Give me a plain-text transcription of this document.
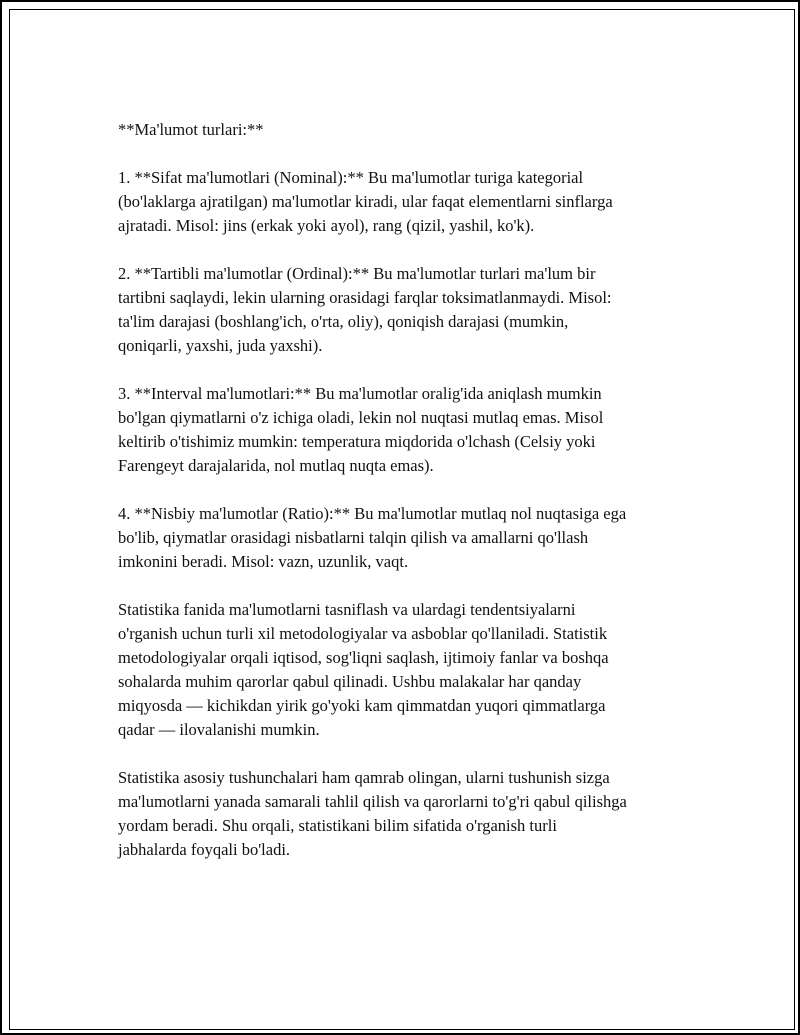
**Ma'lumot turlari:**

1. **Sifat ma'lumotlari (Nominal):** Bu ma'lumotlar turiga kategorial
(bo'laklarga ajratilgan) ma'lumotlar kiradi, ular faqat elementlarni sinflarga
ajratadi. Misol: jins (erkak yoki ayol), rang (qizil, yashil, ko'k).

2. **Tartibli ma'lumotlar (Ordinal):** Bu ma'lumotlar turlari ma'lum bir
tartibni saqlaydi, lekin ularning orasidagi farqlar toksimatlanmaydi. Misol:
ta'lim darajasi (boshlang'ich, o'rta, oliy), qoniqish darajasi (mumkin,
qoniqarli, yaxshi, juda yaxshi).

3. **Interval ma'lumotlari:** Bu ma'lumotlar oralig'ida aniqlash mumkin
bo'lgan qiymatlarni o'z ichiga oladi, lekin nol nuqtasi mutlaq emas. Misol
keltirib o'tishimiz mumkin: temperatura miqdorida o'lchash (Celsiy yoki
Farengeyt darajalarida, nol mutlaq nuqta emas).

4. **Nisbiy ma'lumotlar (Ratio):** Bu ma'lumotlar mutlaq nol nuqtasiga ega
bo'lib, qiymatlar orasidagi nisbatlarni talqin qilish va amallarni qo'llash
imkonini beradi. Misol: vazn, uzunlik, vaqt.

Statistika fanida ma'lumotlarni tasniflash va ulardagi tendentsiyalarni
o'rganish uchun turli xil metodologiyalar va asboblar qo'llaniladi. Statistik
metodologiyalar orqali iqtisod, sog'liqni saqlash, ijtimoiy fanlar va boshqa
sohalarda muhim qarorlar qabul qilinadi. Ushbu malakalar har qanday
miqyosda — kichikdan yirik go'yoki kam qimmatdan yuqori qimmatlarga
qadar — ilovalanishi mumkin.

Statistika asosiy tushunchalari ham qamrab olingan, ularni tushunish sizga
ma'lumotlarni yanada samarali tahlil qilish va qarorlarni to'g'ri qabul qilishga
yordam beradi. Shu orqali, statistikani bilim sifatida o'rganish turli
jabhalarda foyqali bo'ladi.
